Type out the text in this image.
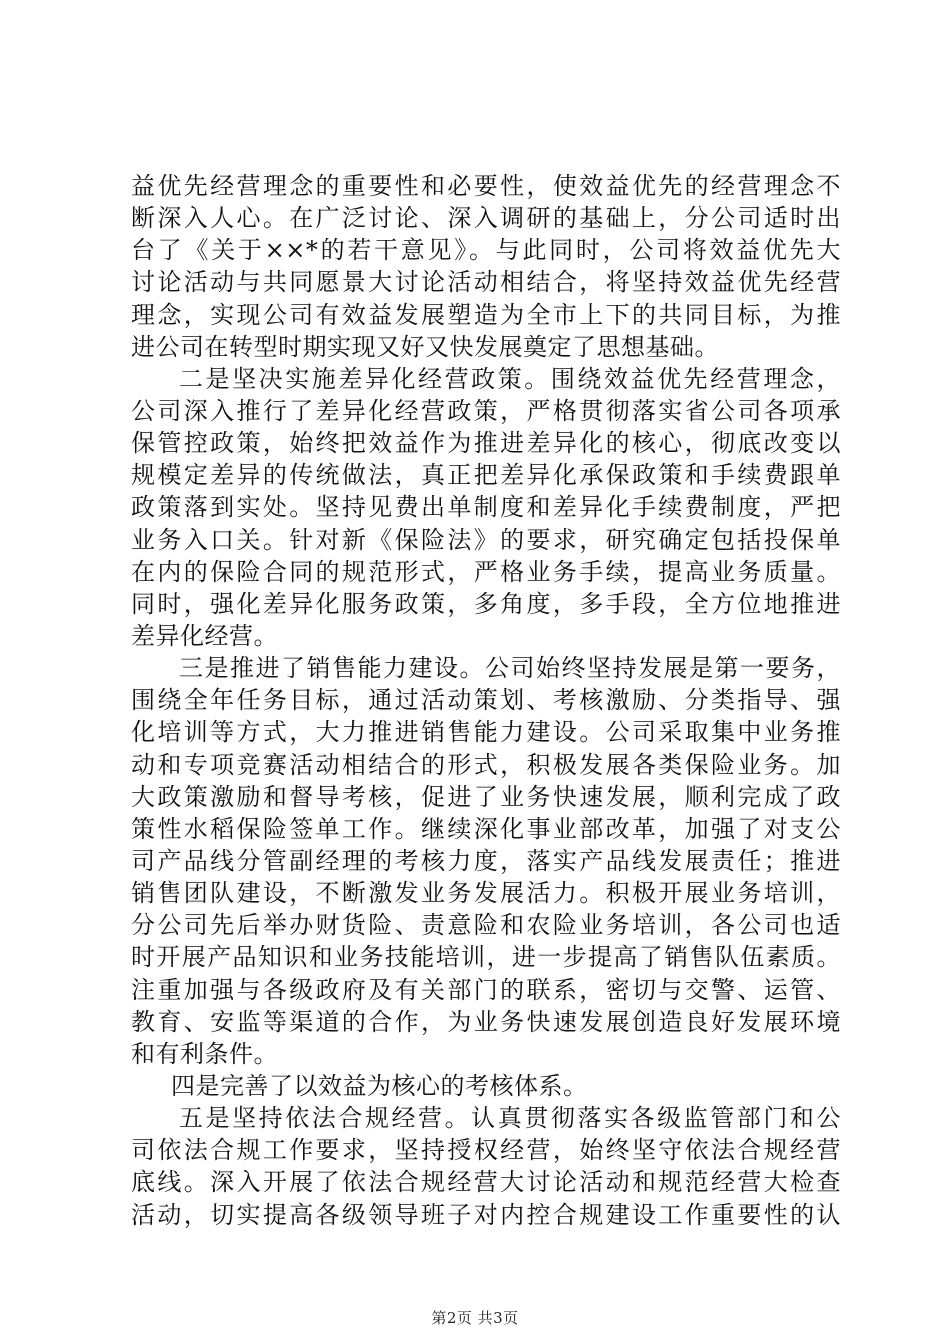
益优先经营理念的重要性和必要性，使效益优先的经营理念不
断深入人心。在广泛讨论、深入调研的基础上，分公司适时出
台了《关于××*的若干意见》。与此同时，公司将效益优先大
讨论活动与共同愿景大讨论活动相结合，将坚持效益优先经营
理念，实现公司有效益发展塑造为全市上下的共同目标，为推
进公司在转型时期实现又好又快发展奠定了思想基础。
二是坚决实施差异化经营政策。围绕效益优先经营理念，
公司深入推行了差异化经营政策，严格贯彻落实省公司各项承
保管控政策，始终把效益作为推进差异化的核心，彻底改变以
规模定差异的传统做法，真正把差异化承保政策和手续费跟单
政策落到实处。坚持见费出单制度和差异化手续费制度，严把
业务入口关。针对新《保险法》的要求，研究确定包括投保单
在内的保险合同的规范形式，严格业务手续，提高业务质量。
同时，强化差异化服务政策，多角度，多手段，全方位地推进
差异化经营。
三是推进了销售能力建设。公司始终坚持发展是第一要务，
围绕全年任务目标，通过活动策划、考核激励、分类指导、强
化培训等方式，大力推进销售能力建设。公司采取集中业务推
动和专项竞赛活动相结合的形式，积极发展各类保险业务。加
大政策激励和督导考核，促进了业务快速发展，顺利完成了政
策性水稻保险签单工作。继续深化事业部改革，加强了对支公
司产品线分管副经理的考核力度，落实产品线发展责任；推进
销售团队建设，不断激发业务发展活力。积极开展业务培训，
分公司先后举办财货险、责意险和农险业务培训，各公司也适
时开展产品知识和业务技能培训，进一步提高了销售队伍素质。
注重加强与各级政府及有关部门的联系，密切与交警、运管、
教育、安监等渠道的合作，为业务快速发展创造良好发展环境
和有利条件。
四是完善了以效益为核心的考核体系。
五是坚持依法合规经营。认真贯彻落实各级监管部门和公
司依法合规工作要求，坚持授权经营，始终坚守依法合规经营
底线。深入开展了依法合规经营大讨论活动和规范经营大检查
活动，切实提高各级领导班子对内控合规建设工作重要性的认
第2页 共3页
